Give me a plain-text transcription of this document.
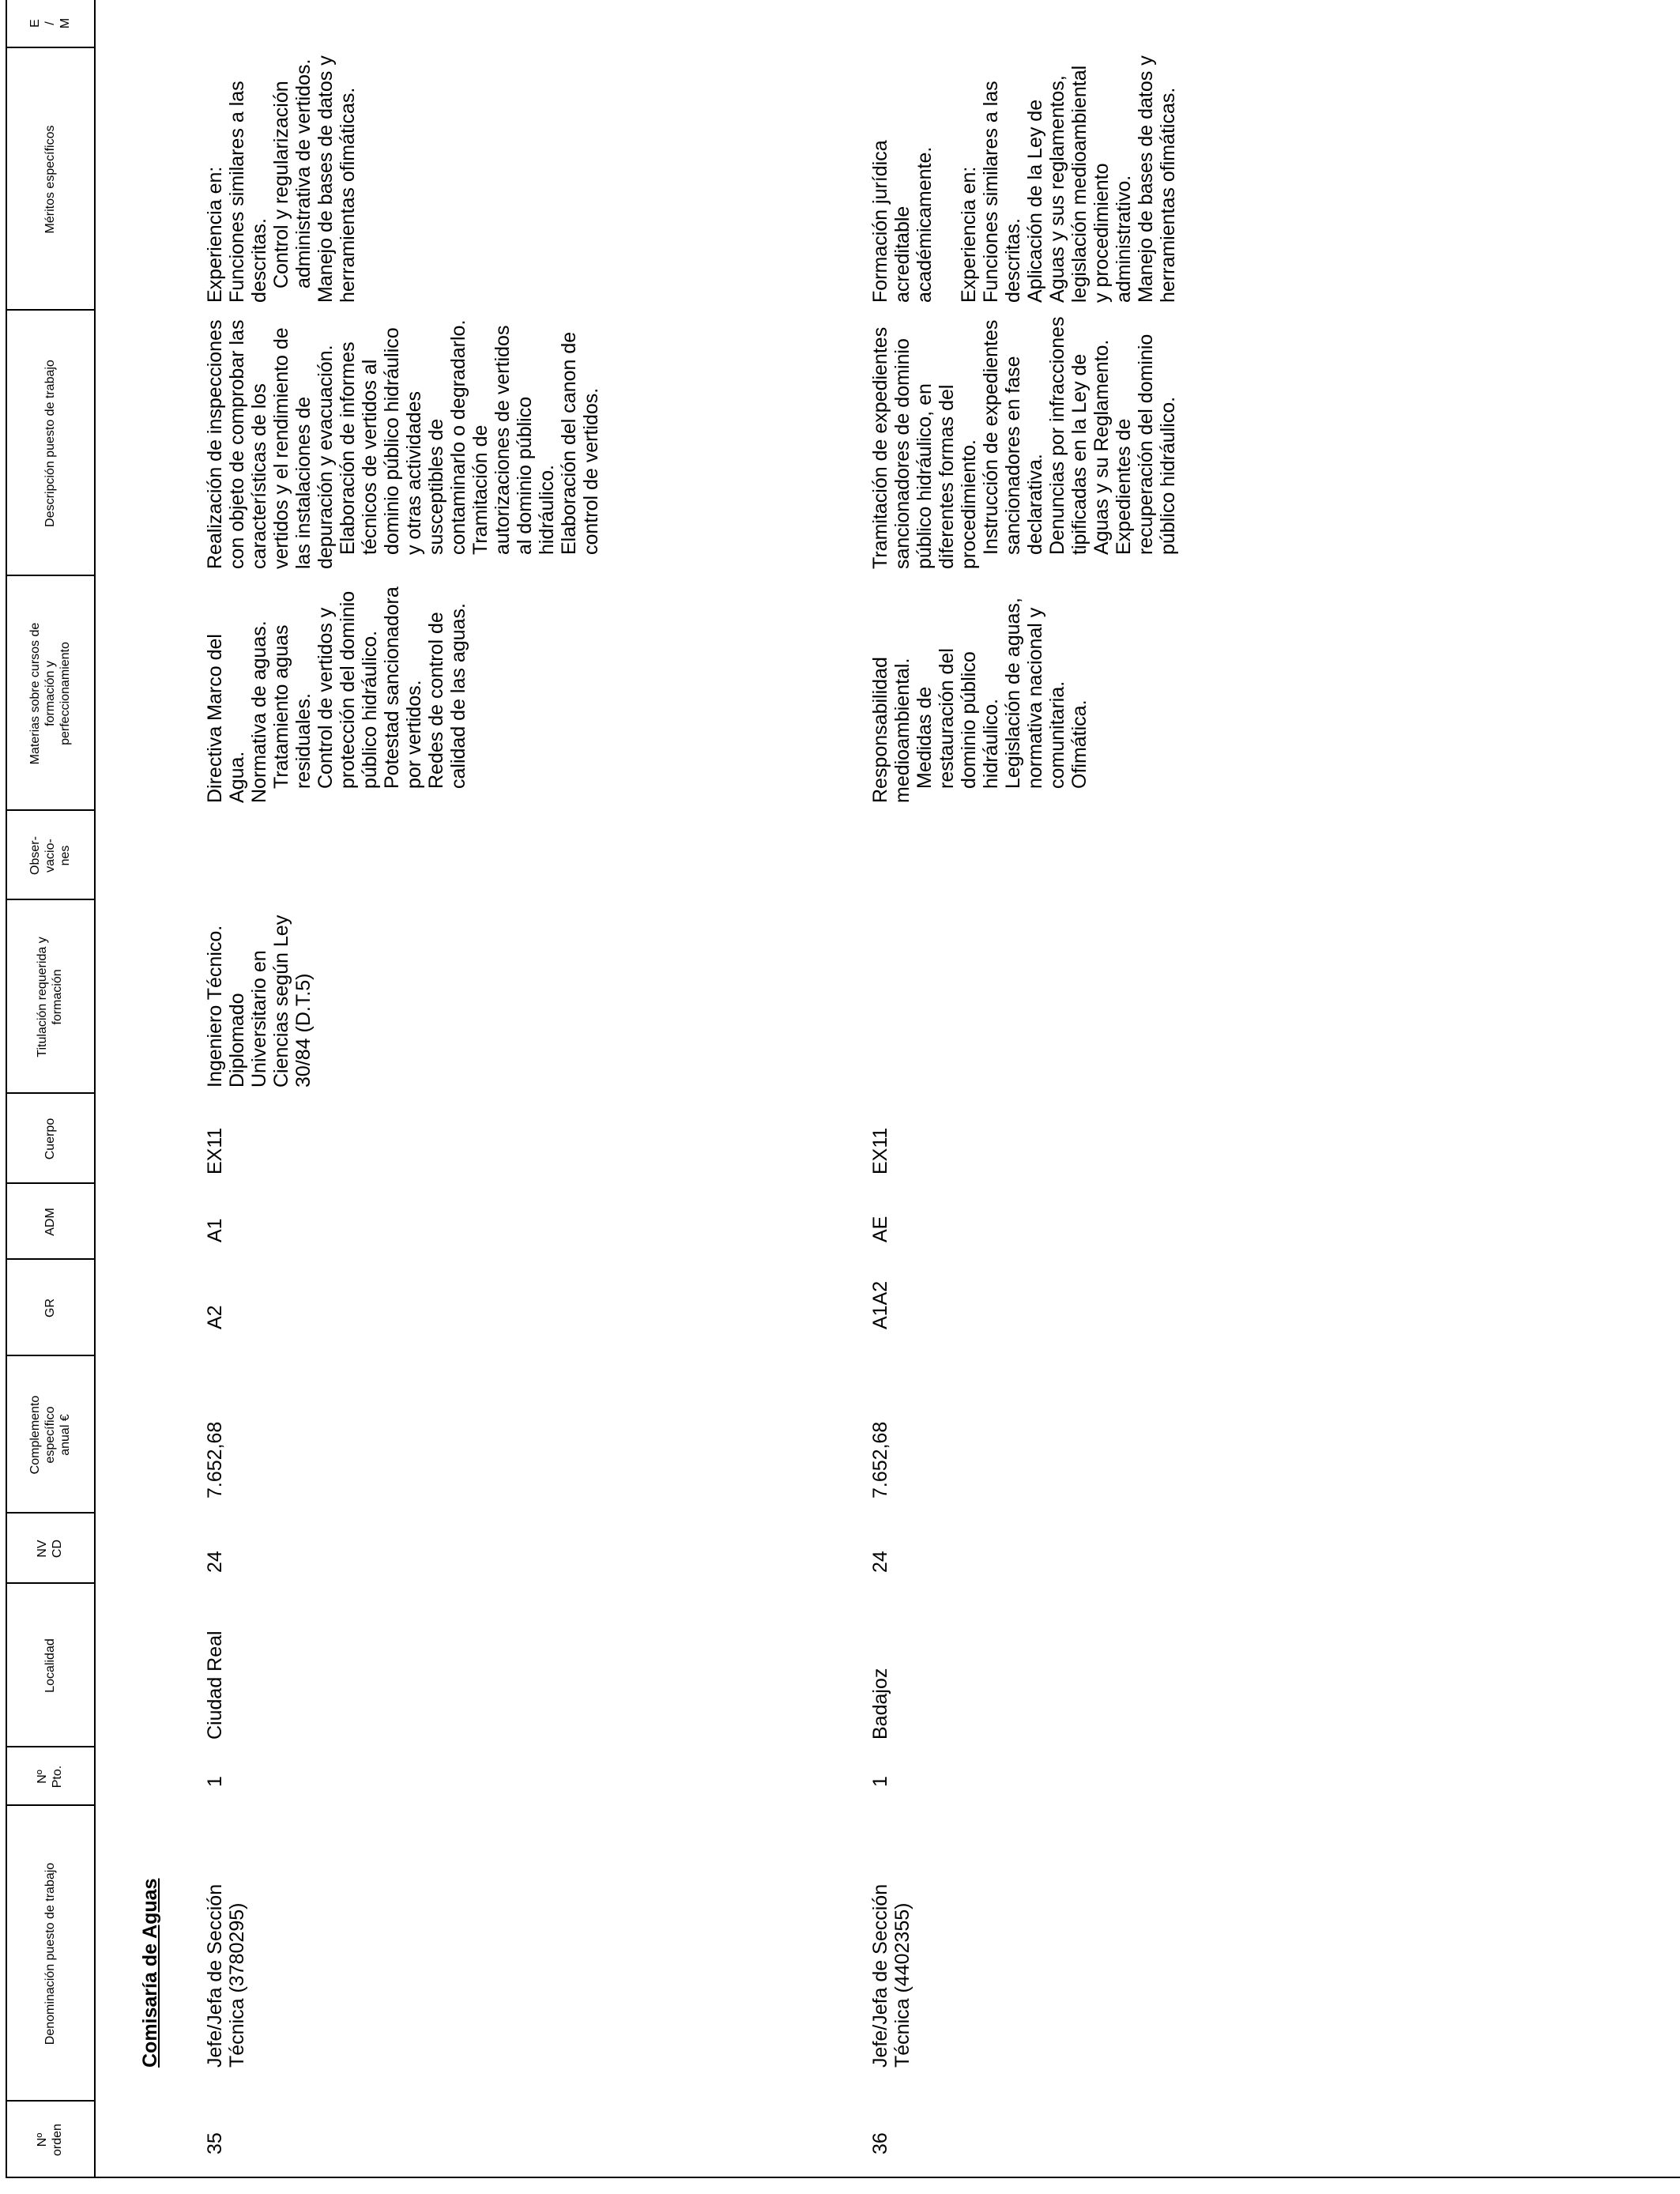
Nº
orden
Denominación puesto de trabajo
Nº
Pto.
Localidad
NV
CD
Complemento
específico
anual €
GR
ADM
Cuerpo
Titulación requerida y
formación
Obser-
vacio-
nes
Materias sobre cursos de
formación y
perfeccionamiento
Descripción puesto de trabajo
Méritos específicos
E
/
M
Comisaría de Aguas
35
Jefe/Jefa de Sección Técnica (3780295)
1
Ciudad Real
24
7.652,68
A2
A1
EX11
Ingeniero Técnico. Diplomado Universitario en Ciencias según Ley 30/84 (D.T.5)
Directiva Marco del Agua. Normativa de aguas. Tratamiento aguas residuales. Control de vertidos y protección del dominio público hidráulico. Potestad sancionadora por vertidos. Redes de control de calidad de las aguas.
Realización de inspecciones con objeto de comprobar las características de los vertidos y el rendimiento de las instalaciones de depuración y evacuación. Elaboración de informes técnicos de vertidos al dominio público hidráulico y otras actividades susceptibles de contaminarlo o degradarlo. Tramitación de autorizaciones de vertidos al dominio público hidráulico. Elaboración del canon de control de vertidos.
Experiencia en: Funciones similares a las descritas. Control y regularización administrativa de vertidos. Manejo de bases de datos y herramientas ofimáticas.
36
Jefe/Jefa de Sección Técnica (4402355)
1
Badajoz
24
7.652,68
A1A2
AE
EX11
Responsabilidad medioambiental. Medidas de restauración del dominio público hidráulico. Legislación de aguas, normativa nacional y comunitaria. Ofimática.
Tramitación de expedientes sancionadores de dominio público hidráulico, en diferentes formas del procedimiento. Instrucción de expedientes sancionadores en fase declarativa. Denuncias por infracciones tipificadas en la Ley de Aguas y su Reglamento. Expedientes de recuperación del dominio público hidráulico.
Formación jurídica acreditable académicamente.
Experiencia en: Funciones similares a las descritas. Aplicación de la Ley de Aguas y sus reglamentos, legislación medioambiental y procedimiento administrativo. Manejo de bases de datos y herramientas ofimáticas.
